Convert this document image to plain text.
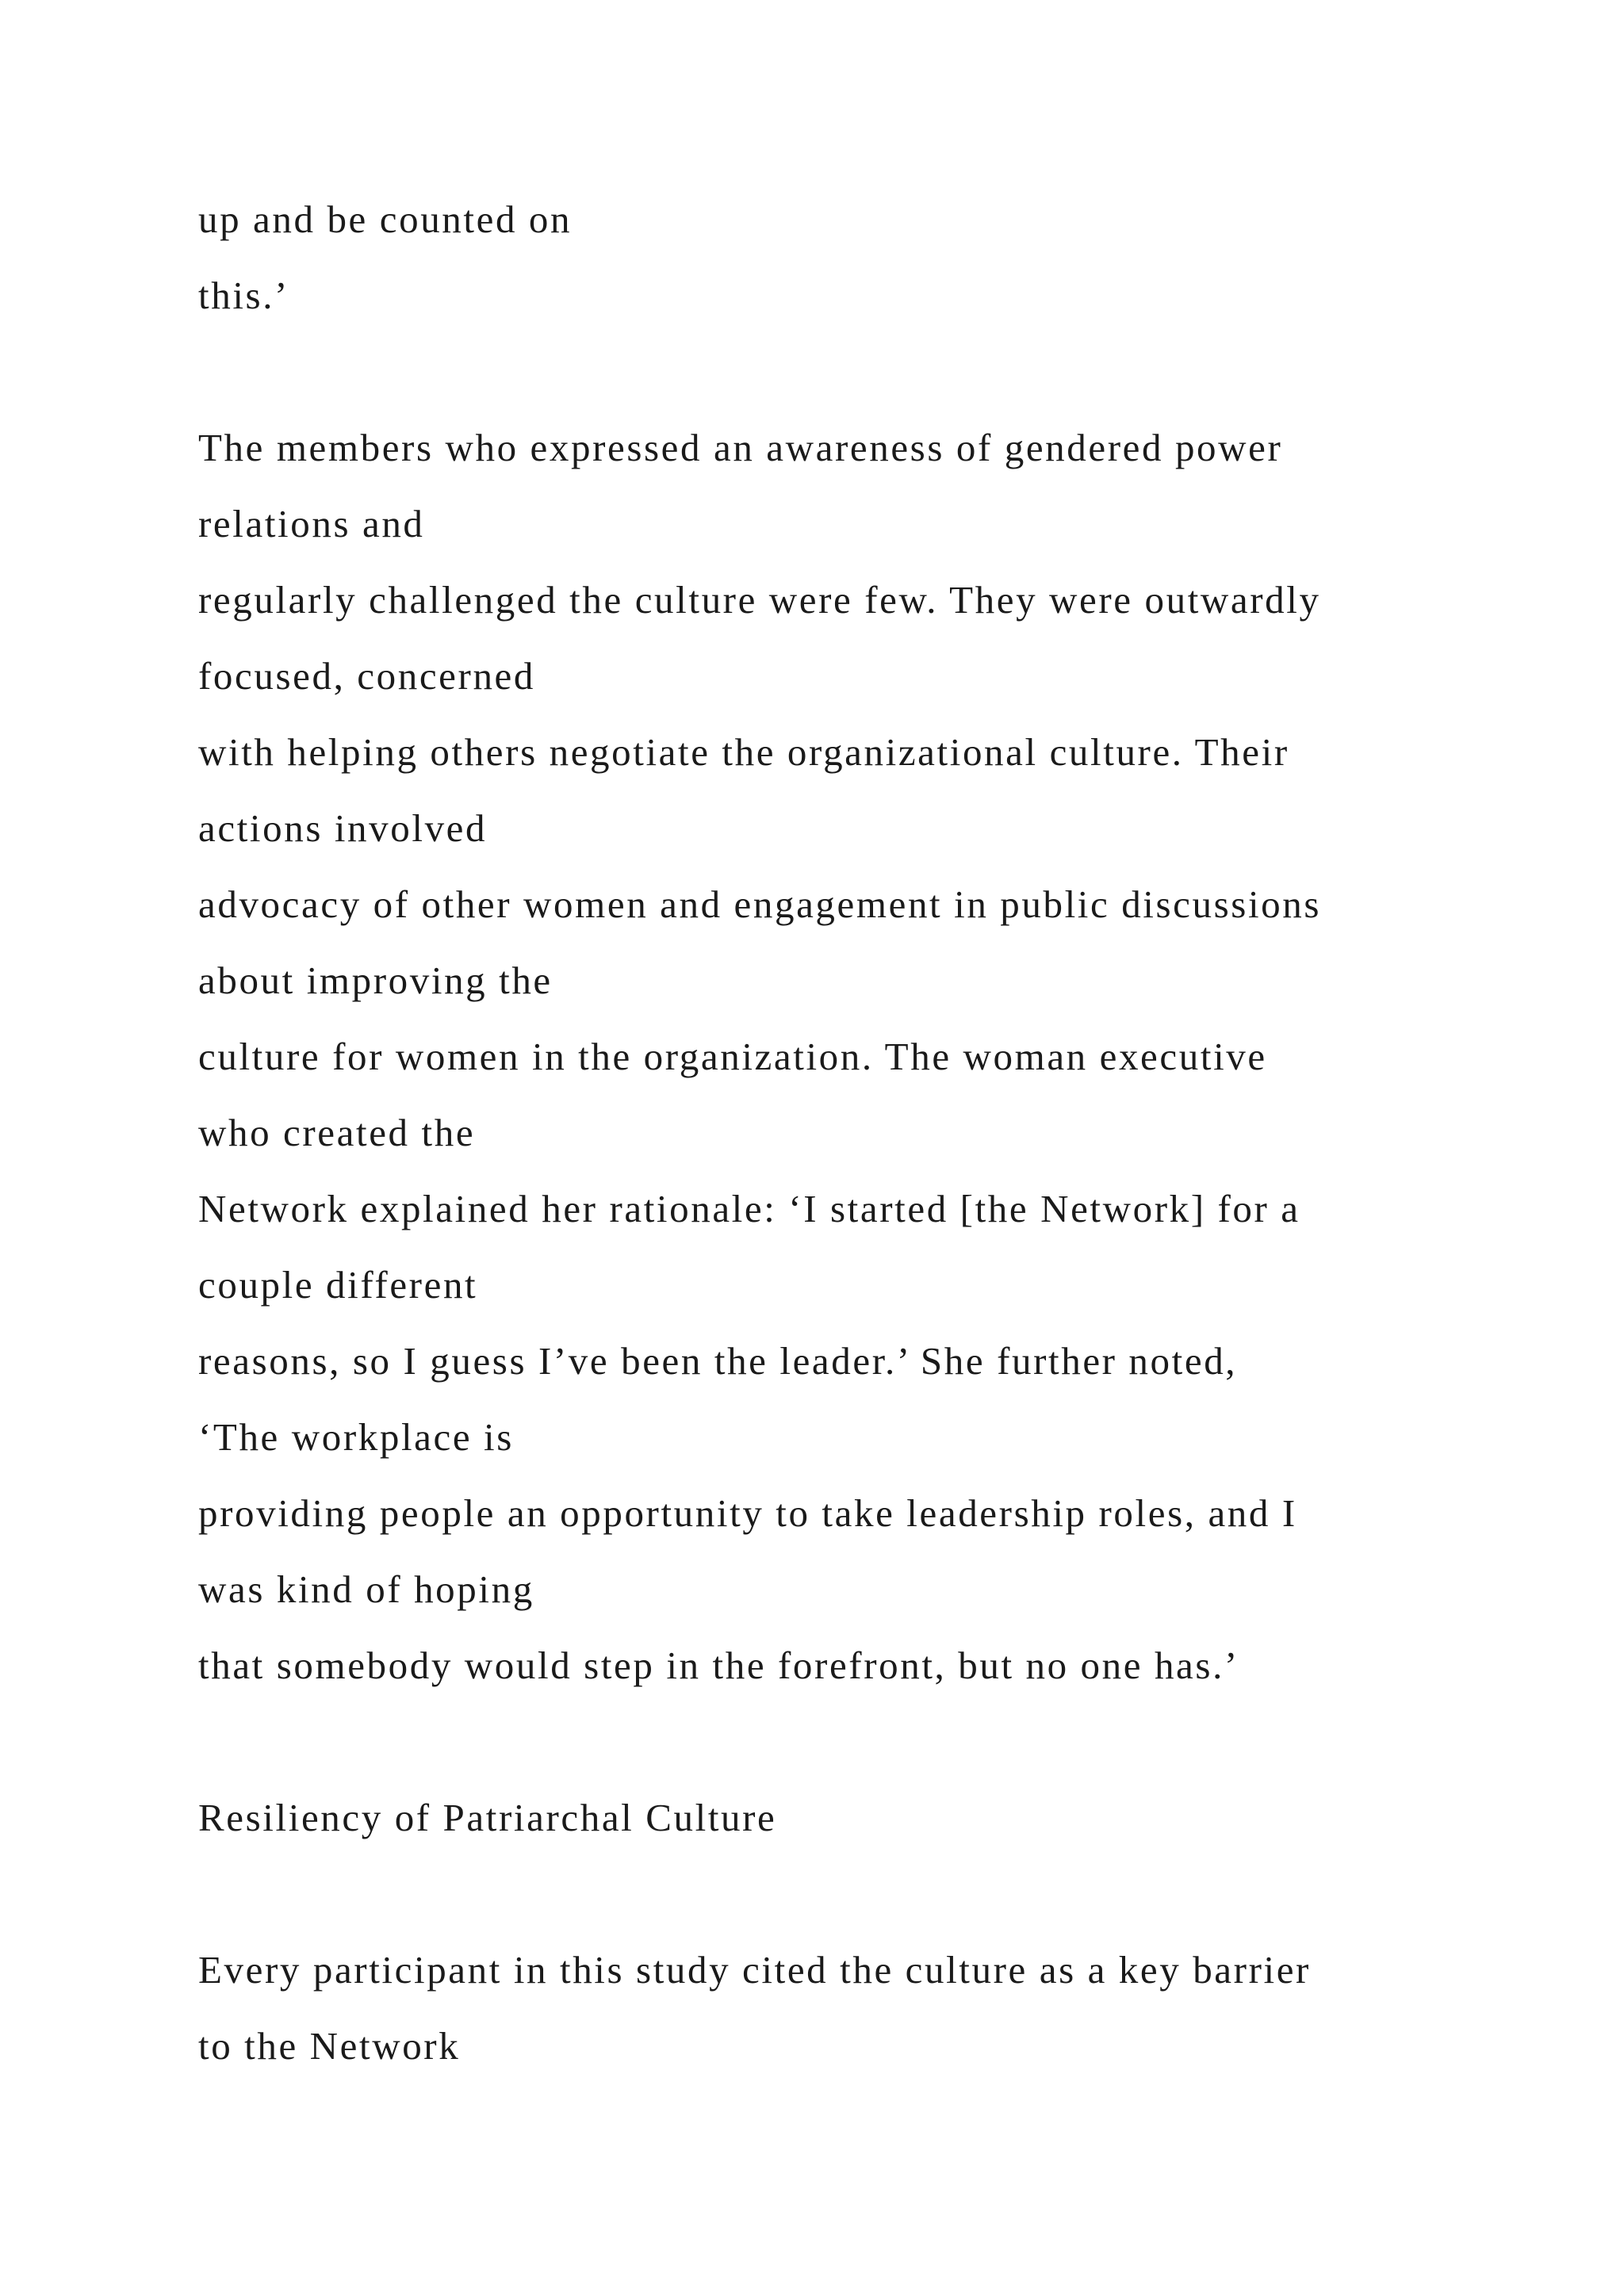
up and be counted on

this.’

The members who expressed an awareness of gendered power

relations and

regularly challenged the culture were few. They were outwardly

focused, concerned

with helping others negotiate the organizational culture. Their

actions involved

advocacy of other women and engagement in public discussions

about improving the

culture for women in the organization. The woman executive

who created the

Network explained her rationale: ‘I started [the Network] for a

couple different

reasons, so I guess I’ve been the leader.’ She further noted,

‘The workplace is

providing people an opportunity to take leadership roles, and I

was kind of hoping

that somebody would step in the forefront, but no one has.’

Resiliency of Patriarchal Culture

Every participant in this study cited the culture as a key barrier

to the Network
